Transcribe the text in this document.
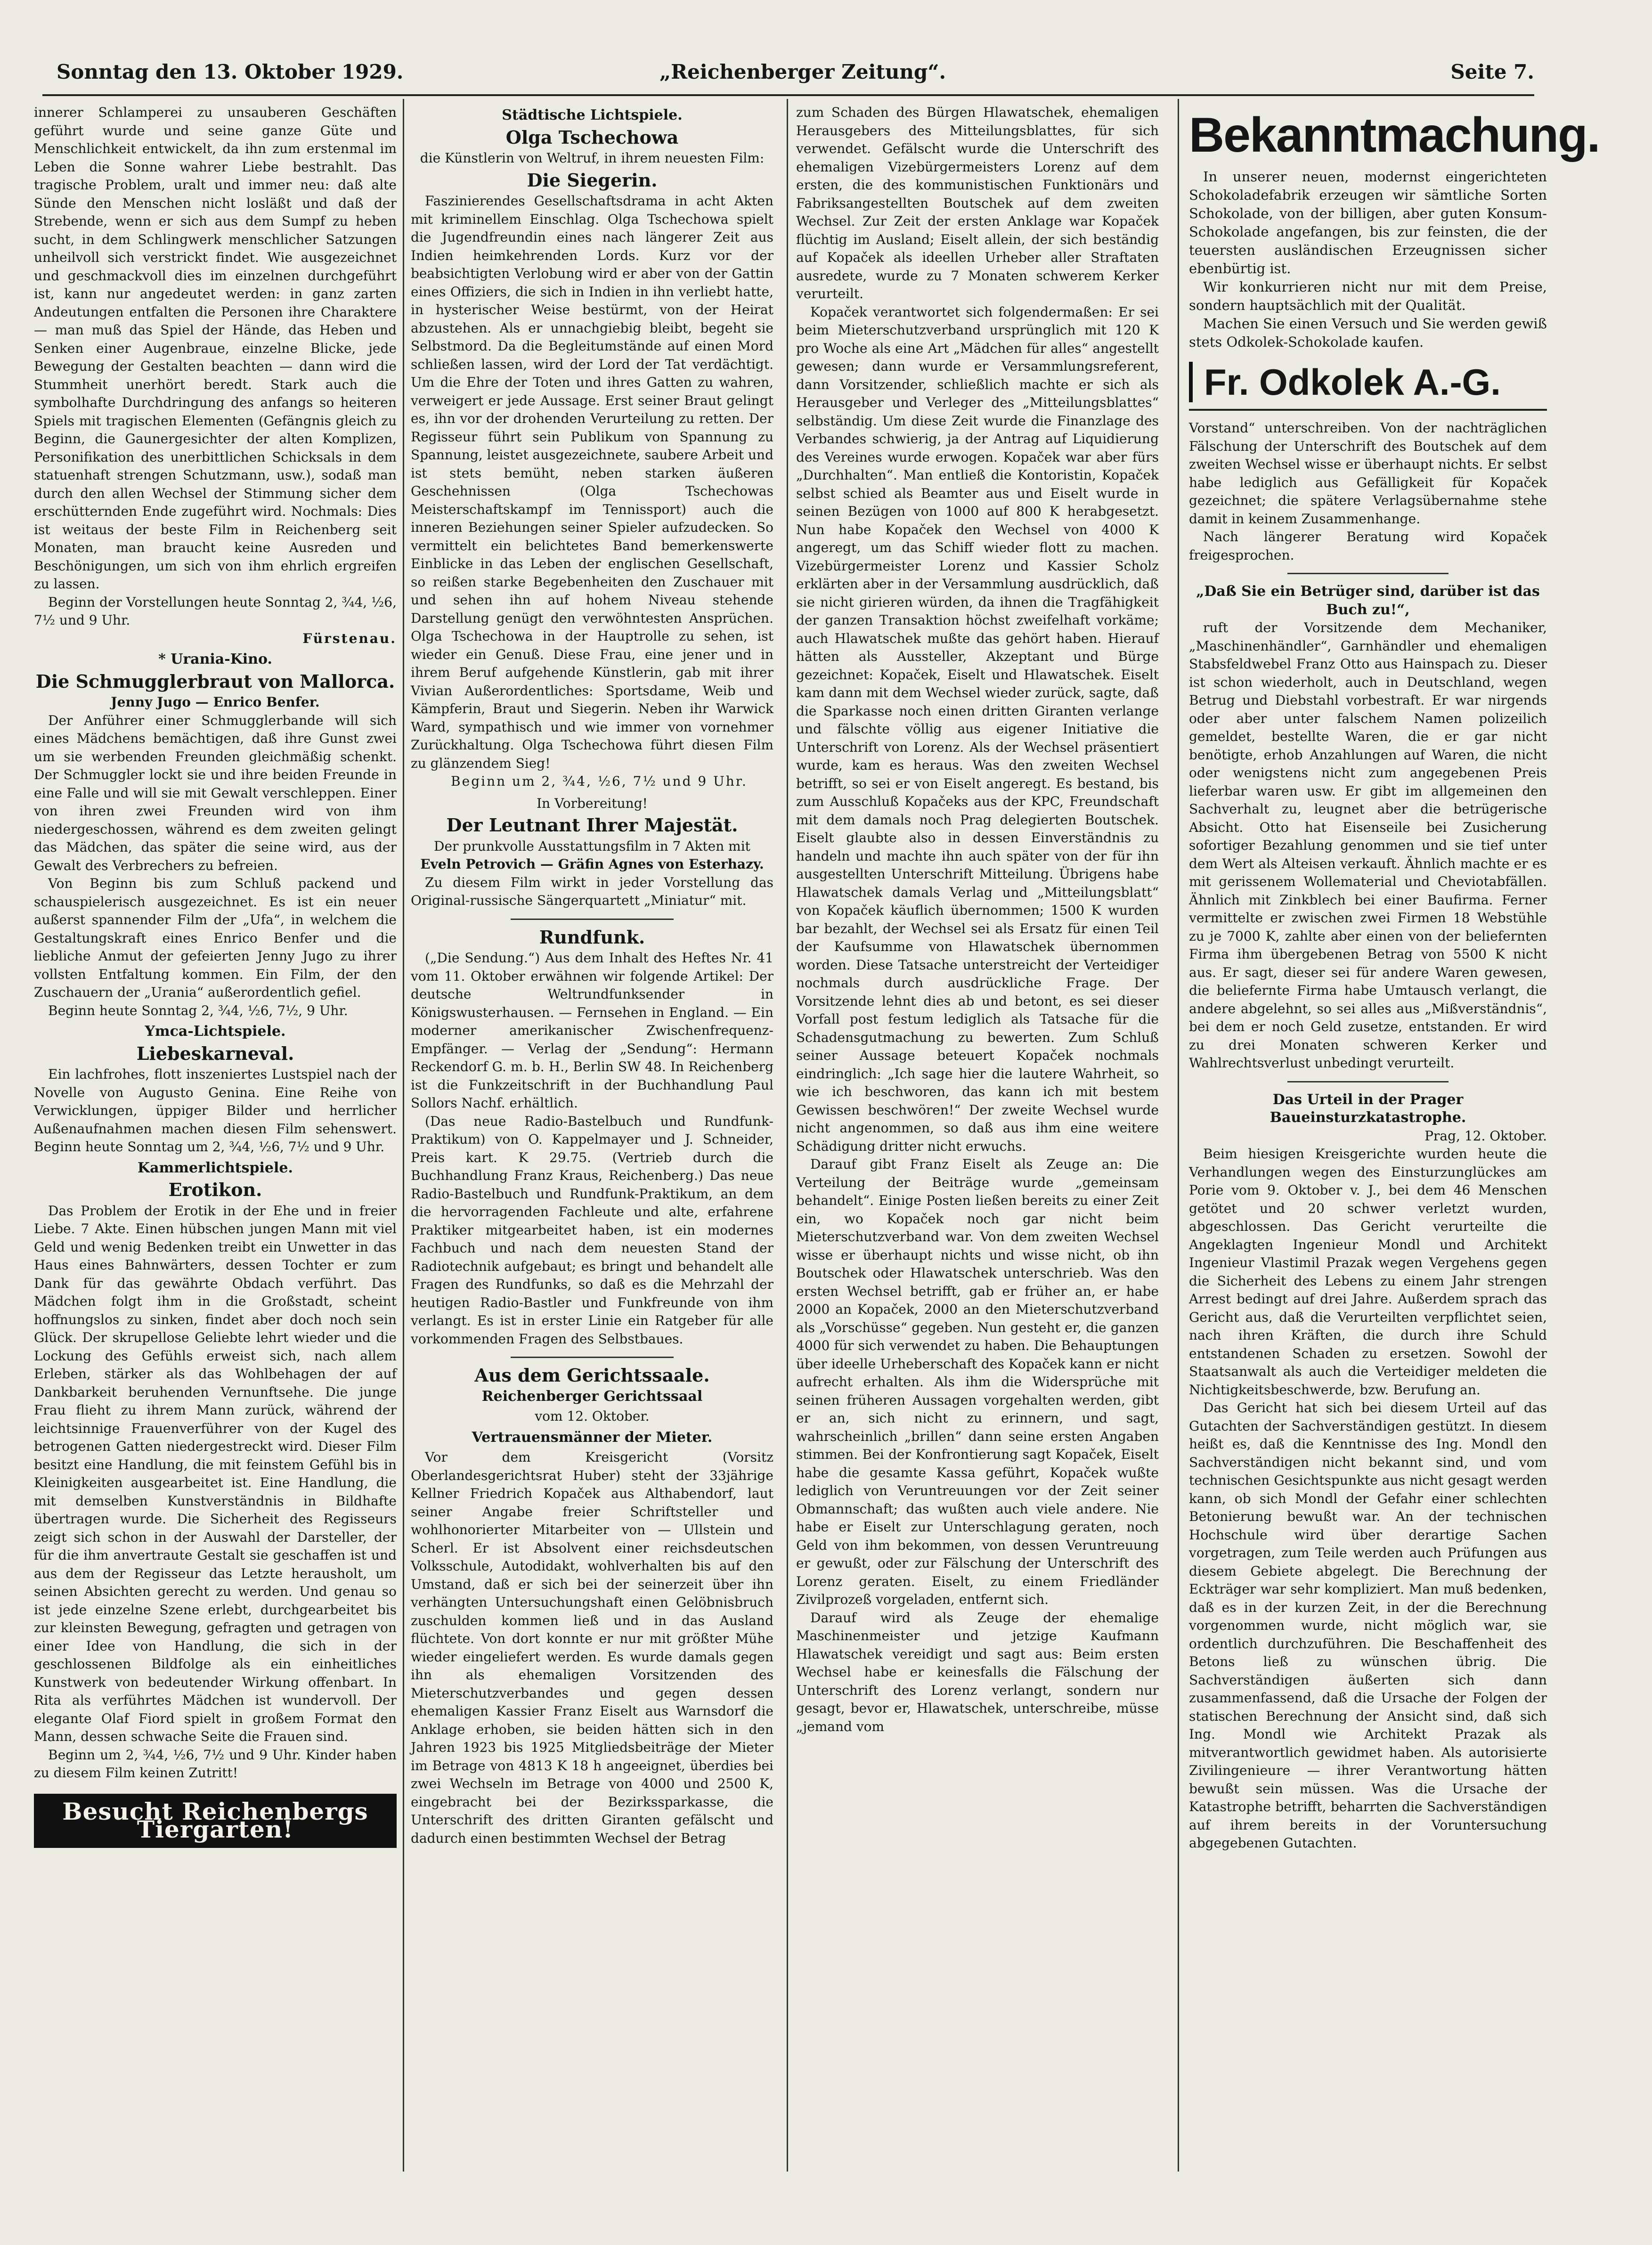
Sonntag den 13. Oktober 1929.	„Reichenberger Zeitung“.	Seite 7.

innerer Schlamperei zu unsauberen Geschäften geführt wurde und seine ganze Güte und Menschlichkeit entwickelt, da ihn zum erstenmal im Leben die Sonne wahrer Liebe bestrahlt. Das tragische Problem, uralt und immer neu: daß alte Sünde den Menschen nicht losläßt und daß der Strebende, wenn er sich aus dem Sumpf zu heben sucht, in dem Schlingwerk menschlicher Satzungen unheilvoll sich verstrickt findet. Wie ausgezeichnet und geschmackvoll dies im einzelnen durchgeführt ist, kann nur angedeutet werden: in ganz zarten Andeutungen entfalten die Personen ihre Charaktere — man muß das Spiel der Hände, das Heben und Senken einer Augenbraue, einzelne Blicke, jede Bewegung der Gestalten beachten — dann wird die Stummheit unerhört beredt. Stark auch die symbolhafte Durchdringung des anfangs so heiteren Spiels mit tragischen Elementen (Gefängnis gleich zu Beginn, die Gaunergesichter der alten Komplizen, Personifikation des unerbittlichen Schicksals in dem statuenhaft strengen Schutzmann, usw.), sodaß man durch den allen Wechsel der Stimmung sicher dem erschütternden Ende zugeführt wird. Nochmals: Dies ist weitaus der beste Film in Reichenberg seit Monaten, man braucht keine Ausreden und Beschönigungen, um sich von ihm ehrlich ergreifen zu lassen.

Beginn der Vorstellungen heute Sonntag 2, ¾4, ½6, 7½ und 9 Uhr.

Fürstenau.
* Urania-Kino.
Die Schmugglerbraut von Mallorca.
Jenny Jugo — Enrico Benfer.

Der Anführer einer Schmugglerbande will sich eines Mädchens bemächtigen, daß ihre Gunst zwei um sie werbenden Freunden gleichmäßig schenkt. Der Schmuggler lockt sie und ihre beiden Freunde in eine Falle und will sie mit Gewalt verschleppen. Einer von ihren zwei Freunden wird von ihm niedergeschossen, während es dem zweiten gelingt das Mädchen, das später die seine wird, aus der Gewalt des Verbrechers zu befreien.

Von Beginn bis zum Schluß packend und schauspielerisch ausgezeichnet. Es ist ein neuer außerst spannender Film der „Ufa“, in welchem die Gestaltungskraft eines Enrico Benfer und die liebliche Anmut der gefeierten Jenny Jugo zu ihrer vollsten Entfaltung kommen. Ein Film, der den Zuschauern der „Urania“ außerordentlich gefiel.

Beginn heute Sonntag 2, ¾4, ½6, 7½, 9 Uhr.

Ymca-Lichtspiele.
Liebeskarneval.

Ein lachfrohes, flott inszeniertes Lustspiel nach der Novelle von Augusto Genina. Eine Reihe von Verwicklungen, üppiger Bilder und herrlicher Außenaufnahmen machen diesen Film sehenswert. Beginn heute Sonntag um 2, ¾4, ½6, 7½ und 9 Uhr.

Kammerlichtspiele.
Erotikon.

Das Problem der Erotik in der Ehe und in freier Liebe. 7 Akte. Einen hübschen jungen Mann mit viel Geld und wenig Bedenken treibt ein Unwetter in das Haus eines Bahnwärters, dessen Tochter er zum Dank für das gewährte Obdach verführt. Das Mädchen folgt ihm in die Großstadt, scheint hoffnungslos zu sinken, findet aber doch noch sein Glück. Der skrupellose Geliebte lehrt wieder und die Lockung des Gefühls erweist sich, nach allem Erleben, stärker als das Wohlbehagen der auf Dankbarkeit beruhenden Vernunftsehe. Die junge Frau flieht zu ihrem Mann zurück, während der leichtsinnige Frauenverführer von der Kugel des betrogenen Gatten niedergestreckt wird. Dieser Film besitzt eine Handlung, die mit feinstem Gefühl bis in Kleinigkeiten ausgearbeitet ist. Eine Handlung, die mit demselben Kunstverständnis in Bildhafte übertragen wurde. Die Sicherheit des Regisseurs zeigt sich schon in der Auswahl der Darsteller, der für die ihm anvertraute Gestalt sie geschaffen ist und aus dem der Regisseur das Letzte herausholt, um seinen Absichten gerecht zu werden. Und genau so ist jede einzelne Szene erlebt, durchgearbeitet bis zur kleinsten Bewegung, gefragten und getragen von einer Idee von Handlung, die sich in der geschlossenen Bildfolge als ein einheitliches Kunstwerk von bedeutender Wirkung offenbart. In Rita als verführtes Mädchen ist wundervoll. Der elegante Olaf Fiord spielt in großem Format den Mann, dessen schwache Seite die Frauen sind.

Beginn um 2, ¾4, ½6, 7½ und 9 Uhr. Kinder haben zu diesem Film keinen Zutritt!

Besucht Reichenbergs Tiergarten!
Städtische Lichtspiele.
Olga Tschechowa
die Künstlerin von Weltruf, in ihrem neuesten Film:
Die Siegerin.

Faszinierendes Gesellschaftsdrama in acht Akten mit kriminellem Einschlag. Olga Tschechowa spielt die Jugendfreundin eines nach längerer Zeit aus Indien heimkehrenden Lords. Kurz vor der beabsichtigten Verlobung wird er aber von der Gattin eines Offiziers, die sich in Indien in ihn verliebt hatte, in hysterischer Weise bestürmt, von der Heirat abzustehen. Als er unnachgiebig bleibt, begeht sie Selbstmord. Da die Begleitumstände auf einen Mord schließen lassen, wird der Lord der Tat verdächtigt. Um die Ehre der Toten und ihres Gatten zu wahren, verweigert er jede Aussage. Erst seiner Braut gelingt es, ihn vor der drohenden Verurteilung zu retten. Der Regisseur führt sein Publikum von Spannung zu Spannung, leistet ausgezeichnete, saubere Arbeit und ist stets bemüht, neben starken äußeren Geschehnissen (Olga Tschechowas Meisterschaftskampf im Tennissport) auch die inneren Beziehungen seiner Spieler aufzudecken. So vermittelt ein belichtetes Band bemerkenswerte Einblicke in das Leben der englischen Gesellschaft, so reißen starke Begebenheiten den Zuschauer mit und sehen ihn auf hohem Niveau stehende Darstellung genügt den verwöhntesten Ansprüchen. Olga Tschechowa in der Hauptrolle zu sehen, ist wieder ein Genuß. Diese Frau, eine jener und in ihrem Beruf aufgehende Künstlerin, gab mit ihrer Vivian Außerordentliches: Sportsdame, Weib und Kämpferin, Braut und Siegerin. Neben ihr Warwick Ward, sympathisch und wie immer von vornehmer Zurückhaltung. Olga Tschechowa führt diesen Film zu glänzendem Sieg!

Beginn um 2, ¾4, ½6, 7½ und 9 Uhr.

In Vorbereitung!
Der Leutnant Ihrer Majestät.
Der prunkvolle Ausstattungsfilm in 7 Akten mit
Eveln Petrovich — Gräfin Agnes von Esterhazy.

Zu diesem Film wirkt in jeder Vorstellung das Original-russische Sängerquartett „Miniatur“ mit.

Rundfunk.

(„Die Sendung.“) Aus dem Inhalt des Heftes Nr. 41 vom 11. Oktober erwähnen wir folgende Artikel: Der deutsche Weltrundfunksender in Königswusterhausen. — Fernsehen in England. — Ein moderner amerikanischer Zwischenfrequenz-Empfänger. — Verlag der „Sendung“: Hermann Reckendorf G. m. b. H., Berlin SW 48. In Reichenberg ist die Funkzeitschrift in der Buchhandlung Paul Sollors Nachf. erhältlich.

(Das neue Radio-Bastelbuch und Rundfunk-Praktikum) von O. Kappelmayer und J. Schneider, Preis kart. K 29.75. (Vertrieb durch die Buchhandlung Franz Kraus, Reichenberg.) Das neue Radio-Bastelbuch und Rundfunk-Praktikum, an dem die hervorragenden Fachleute und alte, erfahrene Praktiker mitgearbeitet haben, ist ein modernes Fachbuch und nach dem neuesten Stand der Radiotechnik aufgebaut; es bringt und behandelt alle Fragen des Rundfunks, so daß es die Mehrzahl der heutigen Radio-Bastler und Funkfreunde von ihm verlangt. Es ist in erster Linie ein Ratgeber für alle vorkommenden Fragen des Selbstbaues.

Aus dem Gerichtssaale.
Reichenberger Gerichtssaal
vom 12. Oktober.
Vertrauensmänner der Mieter.

Vor dem Kreisgericht (Vorsitz Oberlandesgerichtsrat Huber) steht der 33jährige Kellner Friedrich Kopaček aus Althabendorf, laut seiner Angabe freier Schriftsteller und wohlhonorierter Mitarbeiter von — Ullstein und Scherl. Er ist Absolvent einer reichsdeutschen Volksschule, Autodidakt, wohlverhalten bis auf den Umstand, daß er sich bei der seinerzeit über ihn verhängten Untersuchungshaft einen Gelöbnisbruch zuschulden kommen ließ und in das Ausland flüchtete. Von dort konnte er nur mit größter Mühe wieder eingeliefert werden. Es wurde damals gegen ihn als ehemaligen Vorsitzenden des Mieterschutzverbandes und gegen dessen ehemaligen Kassier Franz Eiselt aus Warnsdorf die Anklage erhoben, sie beiden hätten sich in den Jahren 1923 bis 1925 Mitgliedsbeiträge der Mieter im Betrage von 4813 K 18 h angeeignet, überdies bei zwei Wechseln im Betrage von 4000 und 2500 K, eingebracht bei der Bezirkssparkasse, die Unterschrift des dritten Giranten gefälscht und dadurch einen bestimmten Wechsel der Betrag

zum Schaden des Bürgen Hlawatschek, ehemaligen Herausgebers des Mitteilungsblattes, für sich verwendet. Gefälscht wurde die Unterschrift des ehemaligen Vizebürgermeisters Lorenz auf dem ersten, die des kommunistischen Funktionärs und Fabriksangestellten Boutschek auf dem zweiten Wechsel. Zur Zeit der ersten Anklage war Kopaček flüchtig im Ausland; Eiselt allein, der sich beständig auf Kopaček als ideellen Urheber aller Straftaten ausredete, wurde zu 7 Monaten schwerem Kerker verurteilt.

Kopaček verantwortet sich folgendermaßen: Er sei beim Mieterschutzverband ursprünglich mit 120 K pro Woche als eine Art „Mädchen für alles“ angestellt gewesen; dann wurde er Versammlungsreferent, dann Vorsitzender, schließlich machte er sich als Herausgeber und Verleger des „Mitteilungsblattes“ selbständig. Um diese Zeit wurde die Finanzlage des Verbandes schwierig, ja der Antrag auf Liquidierung des Vereines wurde erwogen. Kopaček war aber fürs „Durchhalten“. Man entließ die Kontoristin, Kopaček selbst schied als Beamter aus und Eiselt wurde in seinen Bezügen von 1000 auf 800 K herabgesetzt. Nun habe Kopaček den Wechsel von 4000 K angeregt, um das Schiff wieder flott zu machen. Vizebürgermeister Lorenz und Kassier Scholz erklärten aber in der Versammlung ausdrücklich, daß sie nicht girieren würden, da ihnen die Tragfähigkeit der ganzen Transaktion höchst zweifelhaft vorkäme; auch Hlawatschek mußte das gehört haben. Hierauf hätten als Aussteller, Akzeptant und Bürge gezeichnet: Kopaček, Eiselt und Hlawatschek. Eiselt kam dann mit dem Wechsel wieder zurück, sagte, daß die Sparkasse noch einen dritten Giranten verlange und fälschte völlig aus eigener Initiative die Unterschrift von Lorenz. Als der Wechsel präsentiert wurde, kam es heraus. Was den zweiten Wechsel betrifft, so sei er von Eiselt angeregt. Es bestand, bis zum Ausschluß Kopačeks aus der KPC, Freundschaft mit dem damals noch Prag delegierten Boutschek. Eiselt glaubte also in dessen Einverständnis zu handeln und machte ihn auch später von der für ihn ausgestellten Unterschrift Mitteilung. Übrigens habe Hlawatschek damals Verlag und „Mitteilungsblatt“ von Kopaček käuflich übernommen; 1500 K wurden bar bezahlt, der Wechsel sei als Ersatz für einen Teil der Kaufsumme von Hlawatschek übernommen worden. Diese Tatsache unterstreicht der Verteidiger nochmals durch ausdrückliche Frage. Der Vorsitzende lehnt dies ab und betont, es sei dieser Vorfall post festum lediglich als Tatsache für die Schadensgutmachung zu bewerten. Zum Schluß seiner Aussage beteuert Kopaček nochmals eindringlich: „Ich sage hier die lautere Wahrheit, so wie ich beschworen, das kann ich mit bestem Gewissen beschwören!“ Der zweite Wechsel wurde nicht angenommen, so daß aus ihm eine weitere Schädigung dritter nicht erwuchs.

Darauf gibt Franz Eiselt als Zeuge an: Die Verteilung der Beiträge wurde „gemeinsam behandelt“. Einige Posten ließen bereits zu einer Zeit ein, wo Kopaček noch gar nicht beim Mieterschutzverband war. Von dem zweiten Wechsel wisse er überhaupt nichts und wisse nicht, ob ihn Boutschek oder Hlawatschek unterschrieb. Was den ersten Wechsel betrifft, gab er früher an, er habe 2000 an Kopaček, 2000 an den Mieterschutzverband als „Vorschüsse“ gegeben. Nun gesteht er, die ganzen 4000 für sich verwendet zu haben. Die Behauptungen über ideelle Urheberschaft des Kopaček kann er nicht aufrecht erhalten. Als ihm die Widersprüche mit seinen früheren Aussagen vorgehalten werden, gibt er an, sich nicht zu erinnern, und sagt, wahrscheinlich „brillen“ dann seine ersten Angaben stimmen. Bei der Konfrontierung sagt Kopaček, Eiselt habe die gesamte Kassa geführt, Kopaček wußte lediglich von Veruntreuungen vor der Zeit seiner Obmannschaft; das wußten auch viele andere. Nie habe er Eiselt zur Unterschlagung geraten, noch Geld von ihm bekommen, von dessen Veruntreuung er gewußt, oder zur Fälschung der Unterschrift des Lorenz geraten. Eiselt, zu einem Friedländer Zivilprozeß vorgeladen, entfernt sich.

Darauf wird als Zeuge der ehemalige Maschinenmeister und jetzige Kaufmann Hlawatschek vereidigt und sagt aus: Beim ersten Wechsel habe er keinesfalls die Fälschung der Unterschrift des Lorenz verlangt, sondern nur gesagt, bevor er, Hlawatschek, unterschreibe, müsse „jemand vom

Bekanntmachung.

In unserer neuen, modernst eingerichteten Schokoladefabrik erzeugen wir sämtliche Sorten Schokolade, von der billigen, aber guten Konsum-Schokolade angefangen, bis zur feinsten, die der teuersten ausländischen Erzeugnissen sicher ebenbürtig ist.

Wir konkurrieren nicht nur mit dem Preise, sondern hauptsächlich mit der Qualität.

Machen Sie einen Versuch und Sie werden gewiß stets Odkolek-Schokolade kaufen.

Fr. Odkolek A.-G.

Vorstand“ unterschreiben. Von der nachträglichen Fälschung der Unterschrift des Boutschek auf dem zweiten Wechsel wisse er überhaupt nichts. Er selbst habe lediglich aus Gefälligkeit für Kopaček gezeichnet; die spätere Verlagsübernahme stehe damit in keinem Zusammenhange.

Nach längerer Beratung wird Kopaček freigesprochen.

„Daß Sie ein Betrüger sind, darüber ist das Buch zu!“,

ruft der Vorsitzende dem Mechaniker, „Maschinenhändler“, Garnhändler und ehemaligen Stabsfeldwebel Franz Otto aus Hainspach zu. Dieser ist schon wiederholt, auch in Deutschland, wegen Betrug und Diebstahl vorbestraft. Er war nirgends oder aber unter falschem Namen polizeilich gemeldet, bestellte Waren, die er gar nicht benötigte, erhob Anzahlungen auf Waren, die nicht oder wenigstens nicht zum angegebenen Preis lieferbar waren usw. Er gibt im allgemeinen den Sachverhalt zu, leugnet aber die betrügerische Absicht. Otto hat Eisenseile bei Zusicherung sofortiger Bezahlung genommen und sie tief unter dem Wert als Alteisen verkauft. Ähnlich machte er es mit gerissenem Wollematerial und Cheviotabfällen. Ähnlich mit Zinkblech bei einer Baufirma. Ferner vermittelte er zwischen zwei Firmen 18 Webstühle zu je 7000 K, zahlte aber einen von der beliefernten Firma ihm übergebenen Betrag von 5500 K nicht aus. Er sagt, dieser sei für andere Waren gewesen, die beliefernte Firma habe Umtausch verlangt, die andere abgelehnt, so sei alles aus „Mißverständnis“, bei dem er noch Geld zusetze, entstanden. Er wird zu drei Monaten schweren Kerker und Wahlrechtsverlust unbedingt verurteilt.

Das Urteil in der Prager Baueinsturzkatastrophe.
Prag, 12. Oktober.

Beim hiesigen Kreisgerichte wurden heute die Verhandlungen wegen des Einsturzunglückes am Porie vom 9. Oktober v. J., bei dem 46 Menschen getötet und 20 schwer verletzt wurden, abgeschlossen. Das Gericht verurteilte die Angeklagten Ingenieur Mondl und Architekt Ingenieur Vlastimil Prazak wegen Vergehens gegen die Sicherheit des Lebens zu einem Jahr strengen Arrest bedingt auf drei Jahre. Außerdem sprach das Gericht aus, daß die Verurteilten verpflichtet seien, nach ihren Kräften, die durch ihre Schuld entstandenen Schaden zu ersetzen. Sowohl der Staatsanwalt als auch die Verteidiger meldeten die Nichtigkeitsbeschwerde, bzw. Berufung an.

Das Gericht hat sich bei diesem Urteil auf das Gutachten der Sachverständigen gestützt. In diesem heißt es, daß die Kenntnisse des Ing. Mondl den Sachverständigen nicht bekannt sind, und vom technischen Gesichtspunkte aus nicht gesagt werden kann, ob sich Mondl der Gefahr einer schlechten Betonierung bewußt war. An der technischen Hochschule wird über derartige Sachen vorgetragen, zum Teile werden auch Prüfungen aus diesem Gebiete abgelegt. Die Berechnung der Eckträger war sehr kompliziert. Man muß bedenken, daß es in der kurzen Zeit, in der die Berechnung vorgenommen wurde, nicht möglich war, sie ordentlich durchzuführen. Die Beschaffenheit des Betons ließ zu wünschen übrig. Die Sachverständigen äußerten sich dann zusammenfassend, daß die Ursache der Folgen der statischen Berechnung der Ansicht sind, daß sich Ing. Mondl wie Architekt Prazak als mitverantwortlich gewidmet haben. Als autorisierte Zivilingenieure — ihrer Verantwortung hätten bewußt sein müssen. Was die Ursache der Katastrophe betrifft, beharrten die Sachverständigen auf ihrem bereits in der Voruntersuchung abgegebenen Gutachten.
